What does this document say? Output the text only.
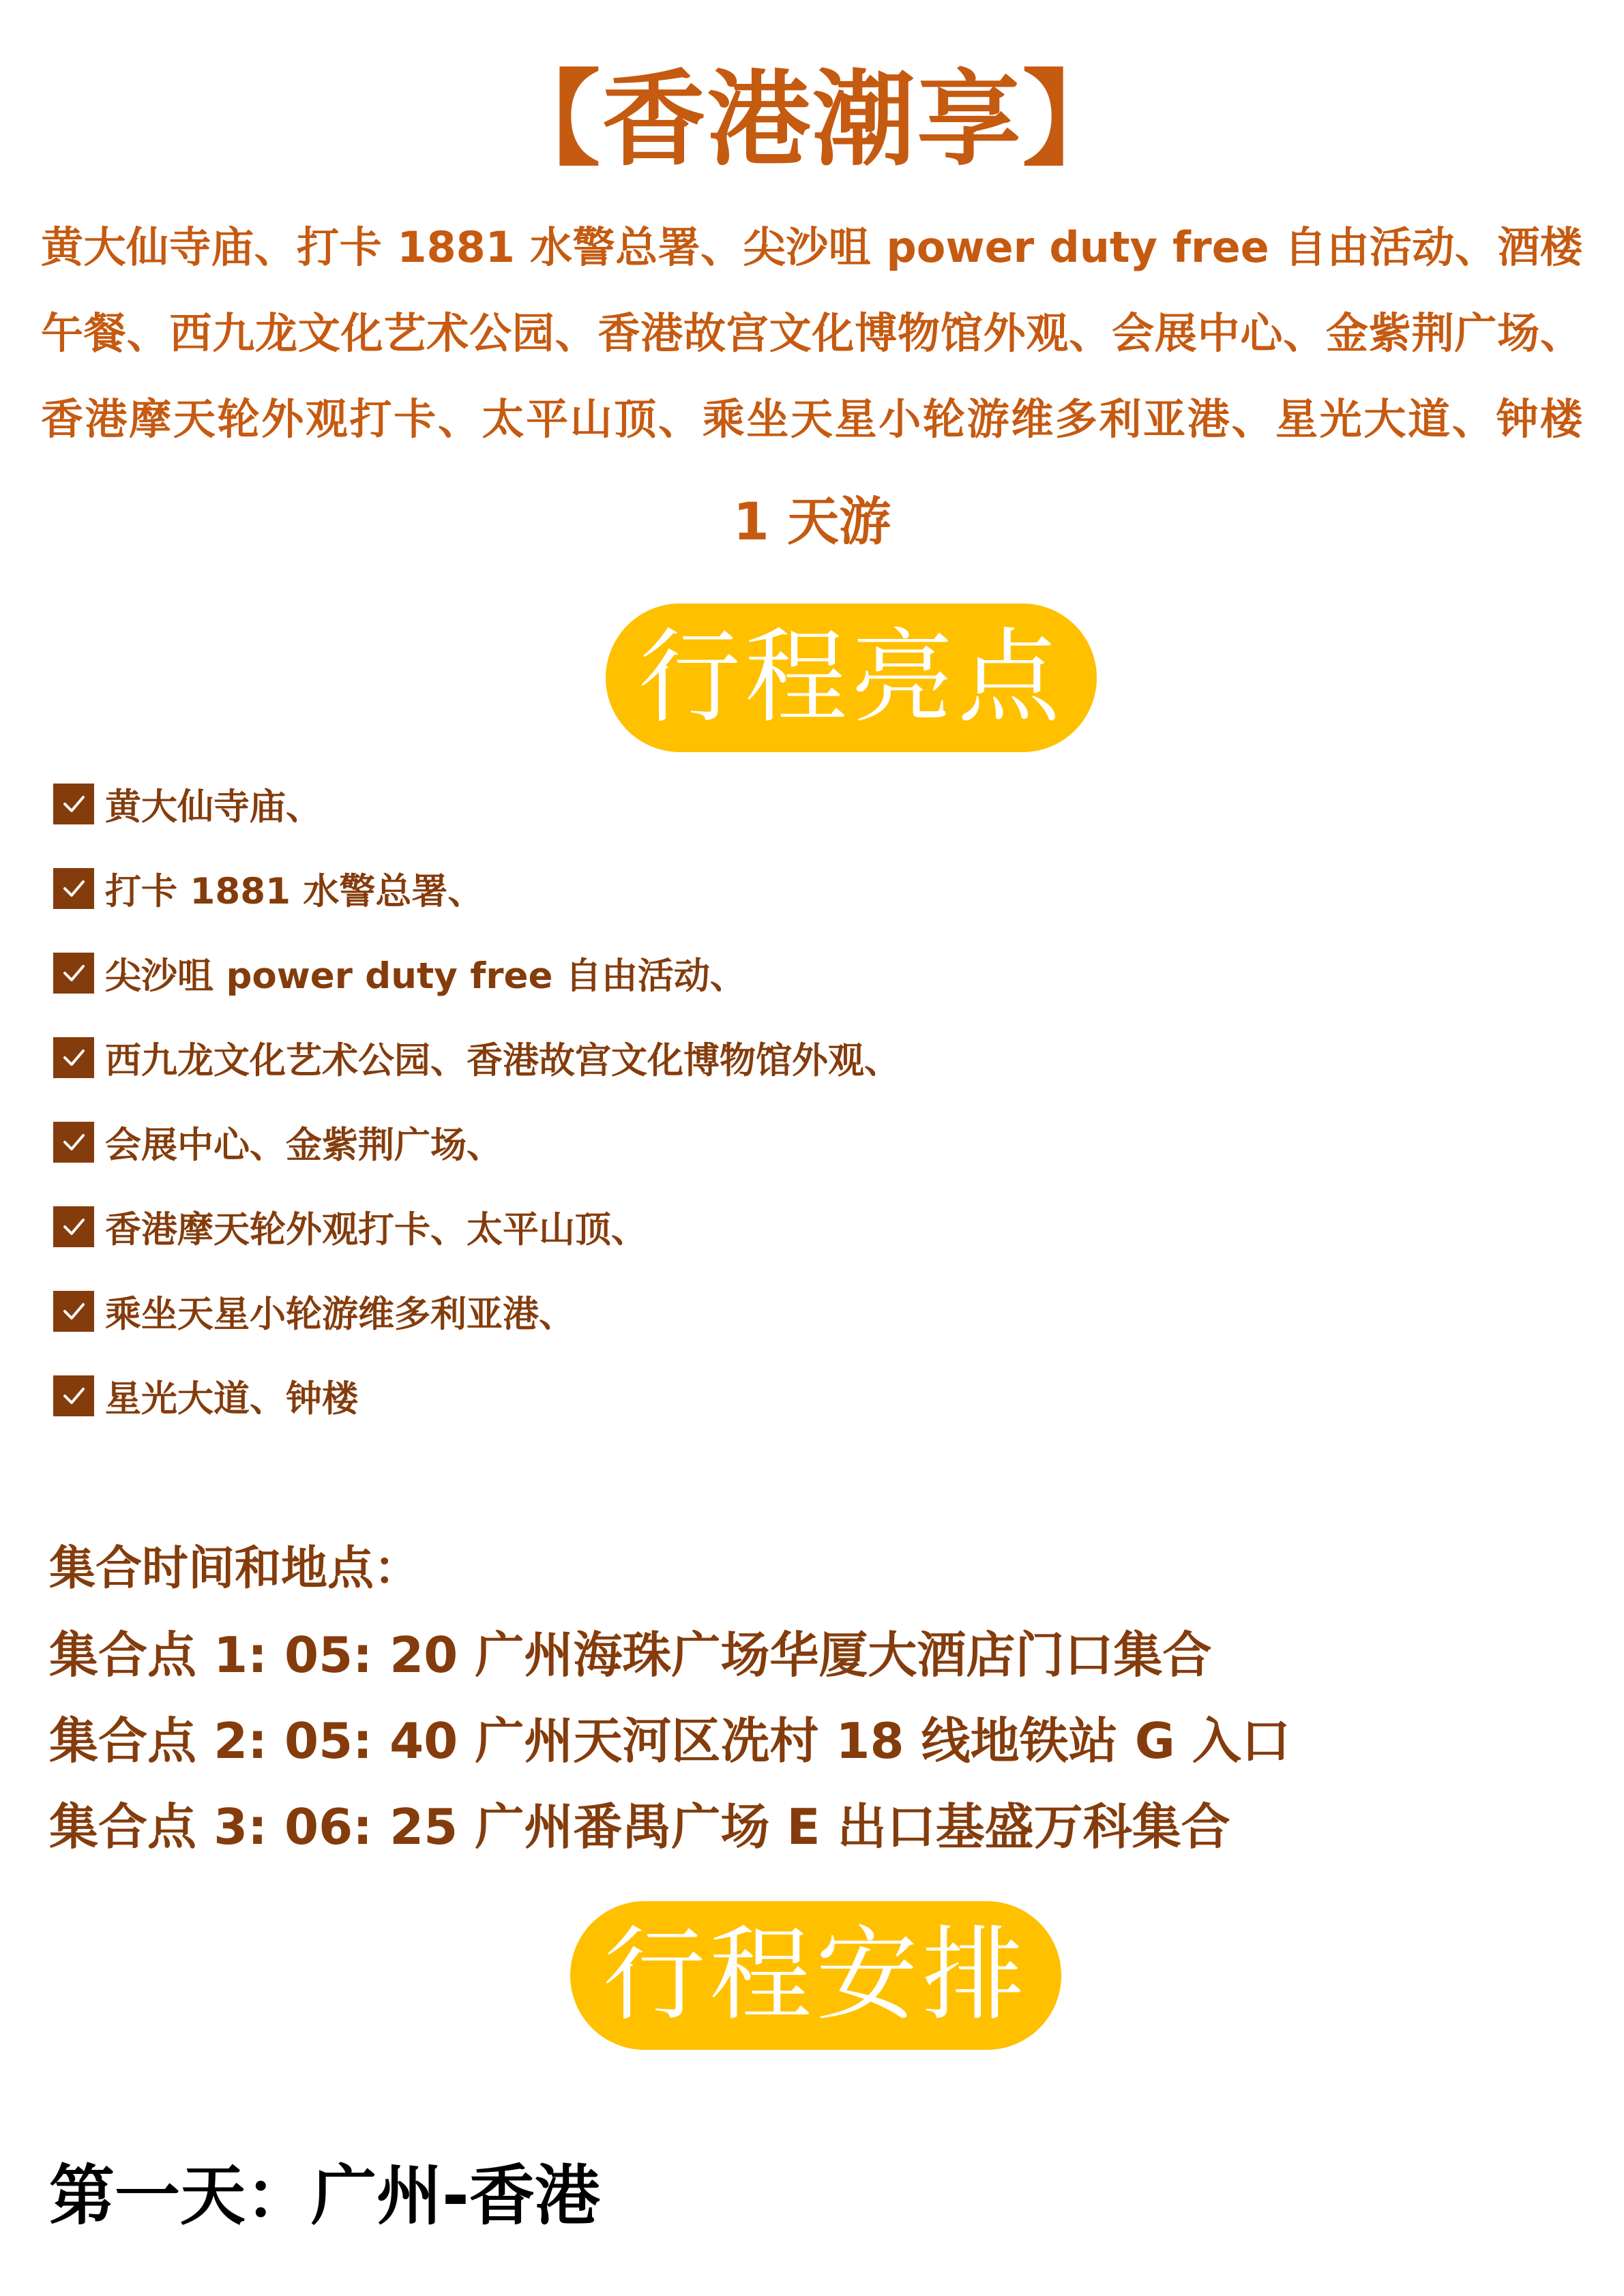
【香港潮享】
黄大仙寺庙、打卡 1881 水警总署、尖沙咀 power duty free 自由活动、酒楼
午餐、西九龙文化艺术公园、香港故宫文化博物馆外观、会展中心、金紫荆广场、
香港摩天轮外观打卡、太平山顶、乘坐天星小轮游维多利亚港、星光大道、钟楼
1 天游
行程亮点
黄大仙寺庙、
打卡 1881 水警总署、
尖沙咀 power duty free 自由活动、
西九龙文化艺术公园、香港故宫文化博物馆外观、
会展中心、金紫荆广场、
香港摩天轮外观打卡、太平山顶、
乘坐天星小轮游维多利亚港、
星光大道、钟楼
集合时间和地点：
集合点 1: 05: 20 广州海珠广场华厦大酒店门口集合
集合点 2: 05: 40 广州天河区冼村 18 线地铁站 G 入口
集合点 3: 06: 25 广州番禺广场 E 出口基盛万科集合
行程安排
第一天：广州-香港
